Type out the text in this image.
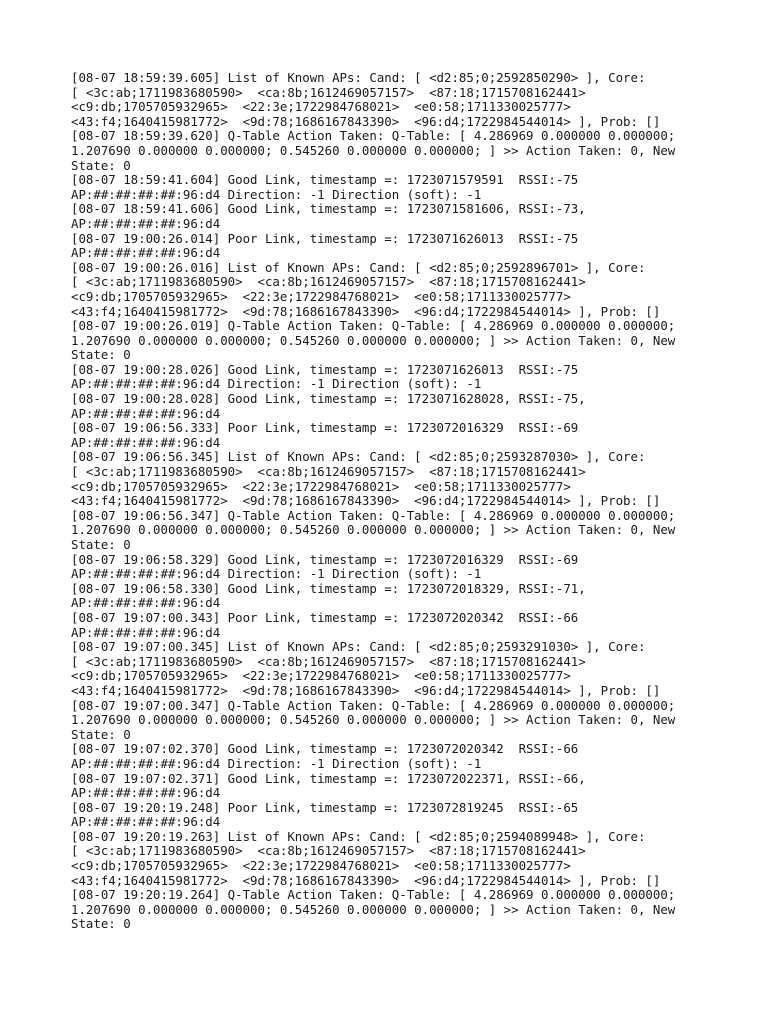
[08-07 18:59:39.605] List of Known APs: Cand: [ <d2:85;0;2592850290> ], Core:
[ <3c:ab;1711983680590>  <ca:8b;1612469057157>  <87:18;1715708162441>
<c9:db;1705705932965>  <22:3e;1722984768021>  <e0:58;1711330025777>
<43:f4;1640415981772>  <9d:78;1686167843390>  <96:d4;1722984544014> ], Prob: []
[08-07 18:59:39.620] Q-Table Action Taken: Q-Table: [ 4.286969 0.000000 0.000000;
1.207690 0.000000 0.000000; 0.545260 0.000000 0.000000; ] >> Action Taken: 0, New
State: 0
[08-07 18:59:41.604] Good Link, timestamp =: 1723071579591  RSSI:-75
AP:##:##:##:##:96:d4 Direction: -1 Direction (soft): -1
[08-07 18:59:41.606] Good Link, timestamp =: 1723071581606, RSSI:-73,
AP:##:##:##:##:96:d4
[08-07 19:00:26.014] Poor Link, timestamp =: 1723071626013  RSSI:-75
AP:##:##:##:##:96:d4
[08-07 19:00:26.016] List of Known APs: Cand: [ <d2:85;0;2592896701> ], Core:
[ <3c:ab;1711983680590>  <ca:8b;1612469057157>  <87:18;1715708162441>
<c9:db;1705705932965>  <22:3e;1722984768021>  <e0:58;1711330025777>
<43:f4;1640415981772>  <9d:78;1686167843390>  <96:d4;1722984544014> ], Prob: []
[08-07 19:00:26.019] Q-Table Action Taken: Q-Table: [ 4.286969 0.000000 0.000000;
1.207690 0.000000 0.000000; 0.545260 0.000000 0.000000; ] >> Action Taken: 0, New
State: 0
[08-07 19:00:28.026] Good Link, timestamp =: 1723071626013  RSSI:-75
AP:##:##:##:##:96:d4 Direction: -1 Direction (soft): -1
[08-07 19:00:28.028] Good Link, timestamp =: 1723071628028, RSSI:-75,
AP:##:##:##:##:96:d4
[08-07 19:06:56.333] Poor Link, timestamp =: 1723072016329  RSSI:-69
AP:##:##:##:##:96:d4
[08-07 19:06:56.345] List of Known APs: Cand: [ <d2:85;0;2593287030> ], Core:
[ <3c:ab;1711983680590>  <ca:8b;1612469057157>  <87:18;1715708162441>
<c9:db;1705705932965>  <22:3e;1722984768021>  <e0:58;1711330025777>
<43:f4;1640415981772>  <9d:78;1686167843390>  <96:d4;1722984544014> ], Prob: []
[08-07 19:06:56.347] Q-Table Action Taken: Q-Table: [ 4.286969 0.000000 0.000000;
1.207690 0.000000 0.000000; 0.545260 0.000000 0.000000; ] >> Action Taken: 0, New
State: 0
[08-07 19:06:58.329] Good Link, timestamp =: 1723072016329  RSSI:-69
AP:##:##:##:##:96:d4 Direction: -1 Direction (soft): -1
[08-07 19:06:58.330] Good Link, timestamp =: 1723072018329, RSSI:-71,
AP:##:##:##:##:96:d4
[08-07 19:07:00.343] Poor Link, timestamp =: 1723072020342  RSSI:-66
AP:##:##:##:##:96:d4
[08-07 19:07:00.345] List of Known APs: Cand: [ <d2:85;0;2593291030> ], Core:
[ <3c:ab;1711983680590>  <ca:8b;1612469057157>  <87:18;1715708162441>
<c9:db;1705705932965>  <22:3e;1722984768021>  <e0:58;1711330025777>
<43:f4;1640415981772>  <9d:78;1686167843390>  <96:d4;1722984544014> ], Prob: []
[08-07 19:07:00.347] Q-Table Action Taken: Q-Table: [ 4.286969 0.000000 0.000000;
1.207690 0.000000 0.000000; 0.545260 0.000000 0.000000; ] >> Action Taken: 0, New
State: 0
[08-07 19:07:02.370] Good Link, timestamp =: 1723072020342  RSSI:-66
AP:##:##:##:##:96:d4 Direction: -1 Direction (soft): -1
[08-07 19:07:02.371] Good Link, timestamp =: 1723072022371, RSSI:-66,
AP:##:##:##:##:96:d4
[08-07 19:20:19.248] Poor Link, timestamp =: 1723072819245  RSSI:-65
AP:##:##:##:##:96:d4
[08-07 19:20:19.263] List of Known APs: Cand: [ <d2:85;0;2594089948> ], Core:
[ <3c:ab;1711983680590>  <ca:8b;1612469057157>  <87:18;1715708162441>
<c9:db;1705705932965>  <22:3e;1722984768021>  <e0:58;1711330025777>
<43:f4;1640415981772>  <9d:78;1686167843390>  <96:d4;1722984544014> ], Prob: []
[08-07 19:20:19.264] Q-Table Action Taken: Q-Table: [ 4.286969 0.000000 0.000000;
1.207690 0.000000 0.000000; 0.545260 0.000000 0.000000; ] >> Action Taken: 0, New
State: 0
